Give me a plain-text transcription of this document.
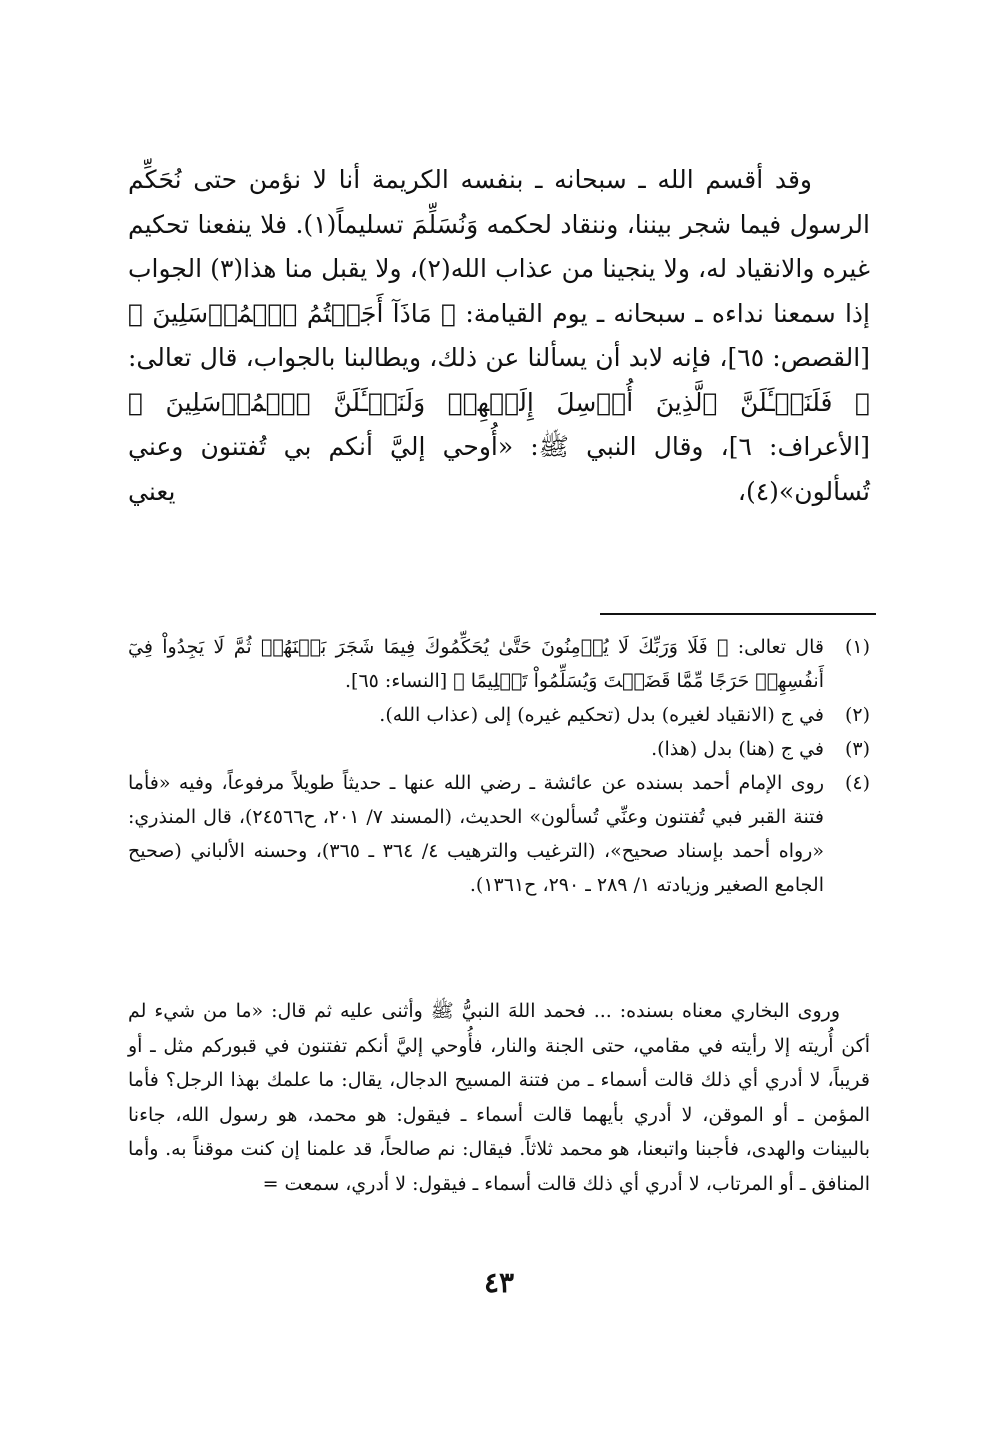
وقد أقسم الله ـ سبحانه ـ بنفسه الكريمة أنا لا نؤمن حتى نُحَكِّم الرسول فيما شجر بيننا، وننقاد لحكمه وَنُسَلِّمَ تسليماً(١). فلا ينفعنا تحكيم غيره والانقياد له، ولا ينجينا من عذاب الله(٢)، ولا يقبل منا هذا(٣) الجواب إذا سمعنا نداءه ـ سبحانه ـ يوم القيامة: ﴿ مَاذَآ أَجَبۡتُمُ ٱلۡمُرۡسَلِينَ ﴾ [القصص: ٦٥]، فإنه لابد أن يسألنا عن ذلك، ويطالبنا بالجواب، قال تعالى: ﴿ فَلَنَسۡـَٔلَنَّ ٱلَّذِينَ أُرۡسِلَ إِلَيۡهِمۡ وَلَنَسۡـَٔلَنَّ ٱلۡمُرۡسَلِينَ ﴾ [الأعراف: ٦]، وقال النبي ﷺ: «أُوحي إليَّ أنكم بي تُفتنون وعني تُسألون»(٤)، يعني

(١)
قال تعالى: ﴿ فَلَا وَرَبِّكَ لَا يُؤۡمِنُونَ حَتَّىٰ يُحَكِّمُوكَ فِيمَا شَجَرَ بَيۡنَهُمۡ ثُمَّ لَا يَجِدُواْ فِيٓ أَنفُسِهِمۡ حَرَجًا مِّمَّا قَضَيۡتَ وَيُسَلِّمُواْ تَسۡلِيمًا ﴾ [النساء: ٦٥].
(٢)
في ج (الانقياد لغيره) بدل (تحكيم غيره) إلى (عذاب الله).
(٣)
في ج (هنا) بدل (هذا).
(٤)
روى الإمام أحمد بسنده عن عائشة ـ رضي الله عنها ـ حديثاً طويلاً مرفوعاً، وفيه «فأما فتنة القبر فبي تُفتنون وعنِّي تُسألون» الحديث، (المسند ٧/ ٢٠١، ح٢٤٥٦٦)، قال المنذري: «رواه أحمد بإسناد صحيح»، (الترغيب والترهيب ٤/ ٣٦٤ ـ ٣٦٥)، وحسنه الألباني (صحيح الجامع الصغير وزيادته ١/ ٢٨٩ ـ ٢٩٠، ح١٣٦١).

وروى البخاري معناه بسنده: ... فحمد اللهَ النبيُّ ﷺ وأثنى عليه ثم قال: «ما من شيء لم أكن أُريته إلا رأيته في مقامي، حتى الجنة والنار، فأُوحي إليَّ أنكم تفتنون في قبوركم مثل ـ أو قريباً، لا أدري أي ذلك قالت أسماء ـ من فتنة المسيح الدجال، يقال: ما علمك بهذا الرجل؟ فأما المؤمن ـ أو الموقن، لا أدري بأيهما قالت أسماء ـ فيقول: هو محمد، هو رسول الله، جاءنا بالبينات والهدى، فأجبنا واتبعنا، هو محمد ثلاثاً. فيقال: نم صالحاً، قد علمنا إن كنت موقناً به. وأما المنافق ـ أو المرتاب، لا أدري أي ذلك قالت أسماء ـ فيقول: لا أدري، سمعت =

٤٣
